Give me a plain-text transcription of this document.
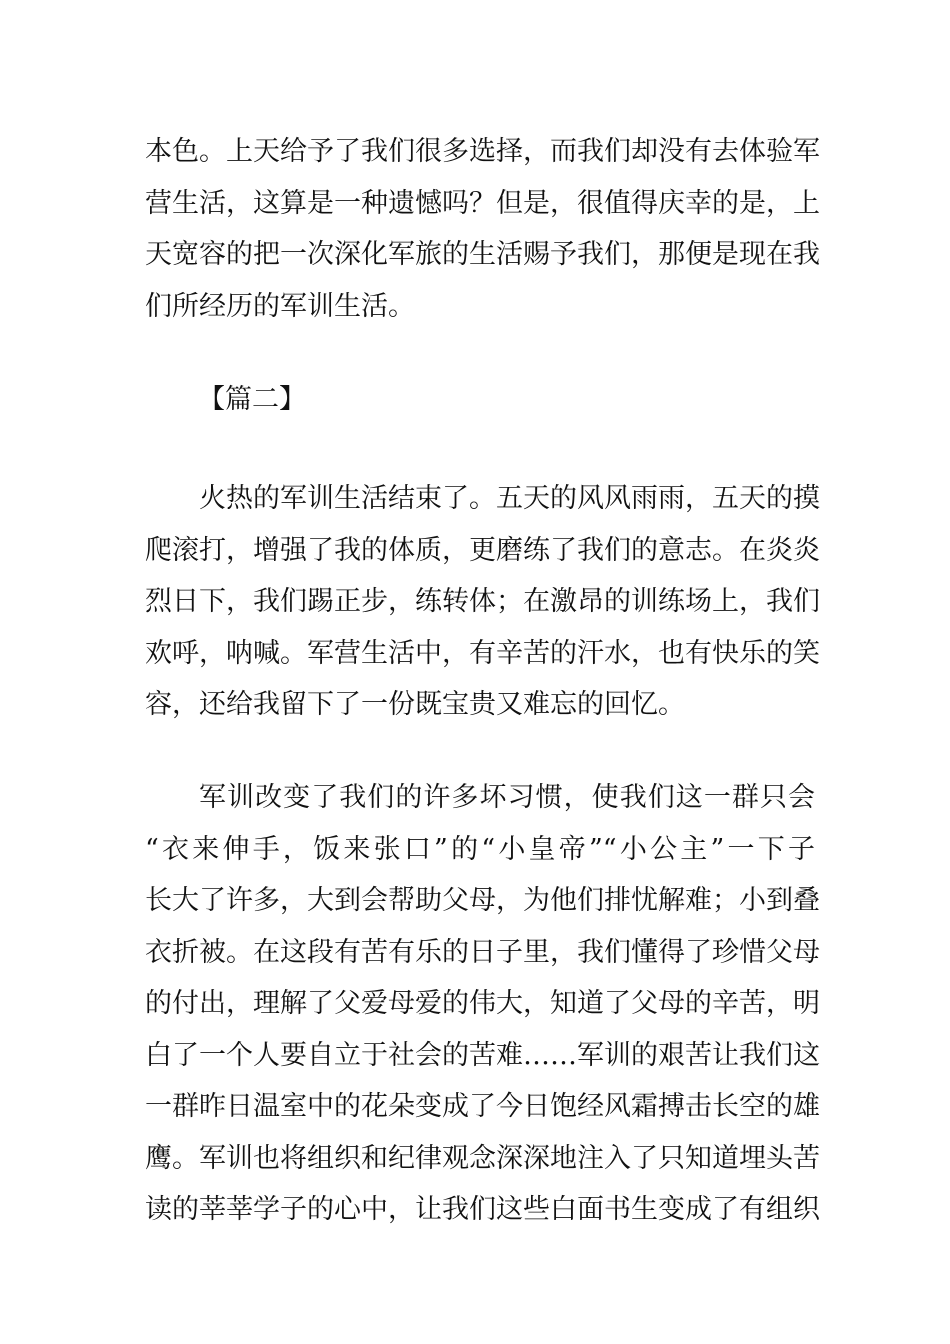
本色。上天给予了我们很多选择，而我们却没有去体验军
营生活，这算是一种遗憾吗？但是，很值得庆幸的是，上
天宽容的把一次深化军旅的生活赐予我们，那便是现在我
们所经历的军训生活。
【篇二】
火热的军训生活结束了。五天的风风雨雨，五天的摸
爬滚打，增强了我的体质，更磨练了我们的意志。在炎炎
烈日下，我们踢正步，练转体；在激昂的训练场上，我们
欢呼，呐喊。军营生活中，有辛苦的汗水，也有快乐的笑
容，还给我留下了一份既宝贵又难忘的回忆。
军训改变了我们的许多坏习惯，使我们这一群只会
“衣来伸手，饭来张口”的“小皇帝”“小公主”一下子
长大了许多，大到会帮助父母，为他们排忧解难；小到叠
衣折被。在这段有苦有乐的日子里，我们懂得了珍惜父母
的付出，理解了父爱母爱的伟大，知道了父母的辛苦，明
白了一个人要自立于社会的苦难……军训的艰苦让我们这
一群昨日温室中的花朵变成了今日饱经风霜搏击长空的雄
鹰。军训也将组织和纪律观念深深地注入了只知道埋头苦
读的莘莘学子的心中，让我们这些白面书生变成了有组织
